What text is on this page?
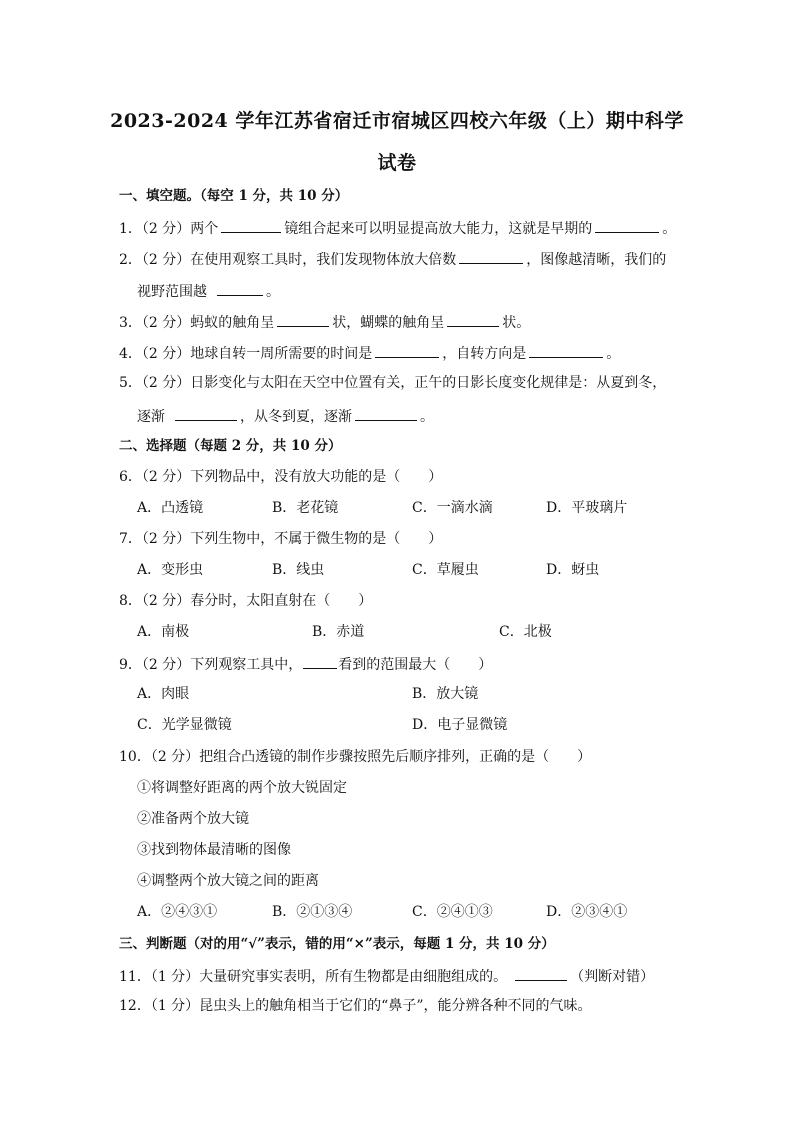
2023-2024 学年江苏省宿迁市宿城区四校六年级（上）期中科学
试卷
一、填空题。（每空 1 分，共 10 分）
1．（2 分）两个	镜组合起来可以明显提高放大能力，这就是早期的	。
2．（2 分）在使用观察工具时，我们发现物体放大倍数	，图像越清晰，我们的
视野范围越	。
3．（2 分）蚂蚁的触角呈	状，蝴蝶的触角呈	状。
4．（2 分）地球自转一周所需要的时间是	，自转方向是	。
5．（2 分）日影变化与太阳在天空中位置有关，正午的日影长度变化规律是：从夏到冬，
逐渐	，从冬到夏，逐渐	。
二、选择题（每题 2 分，共 10 分）
6．（2 分）下列物品中，没有放大功能的是（　　）
A．凸透镜	B．老花镜	C．一滴水滴	D．平玻璃片
7．（2 分）下列生物中，不属于微生物的是（　　）
A．变形虫	B．线虫	C．草履虫	D．蚜虫
8．（2 分）春分时，太阳直射在（　　）
A．南极	B．赤道	C．北极
9．（2 分）下列观察工具中，	看到的范围最大（　　）
A．肉眼	B．放大镜
C．光学显微镜	D．电子显微镜
10．（2 分）把组合凸透镜的制作步骤按照先后顺序排列，正确的是（　　）
①将调整好距离的两个放大锐固定
②准备两个放大镜
③找到物体最清晰的图像
④调整两个放大镜之间的距离
A．②④③①	B．②①③④	C．②④①③	D．②③④①
三、判断题（对的用“√”表示，错的用“×”表示，每题 1 分，共 10 分）
11．（1 分）大量研究事实表明，所有生物都是由细胞组成的。	（判断对错）
12．（1 分）昆虫头上的触角相当于它们的“鼻子”，能分辨各种不同的气味。
